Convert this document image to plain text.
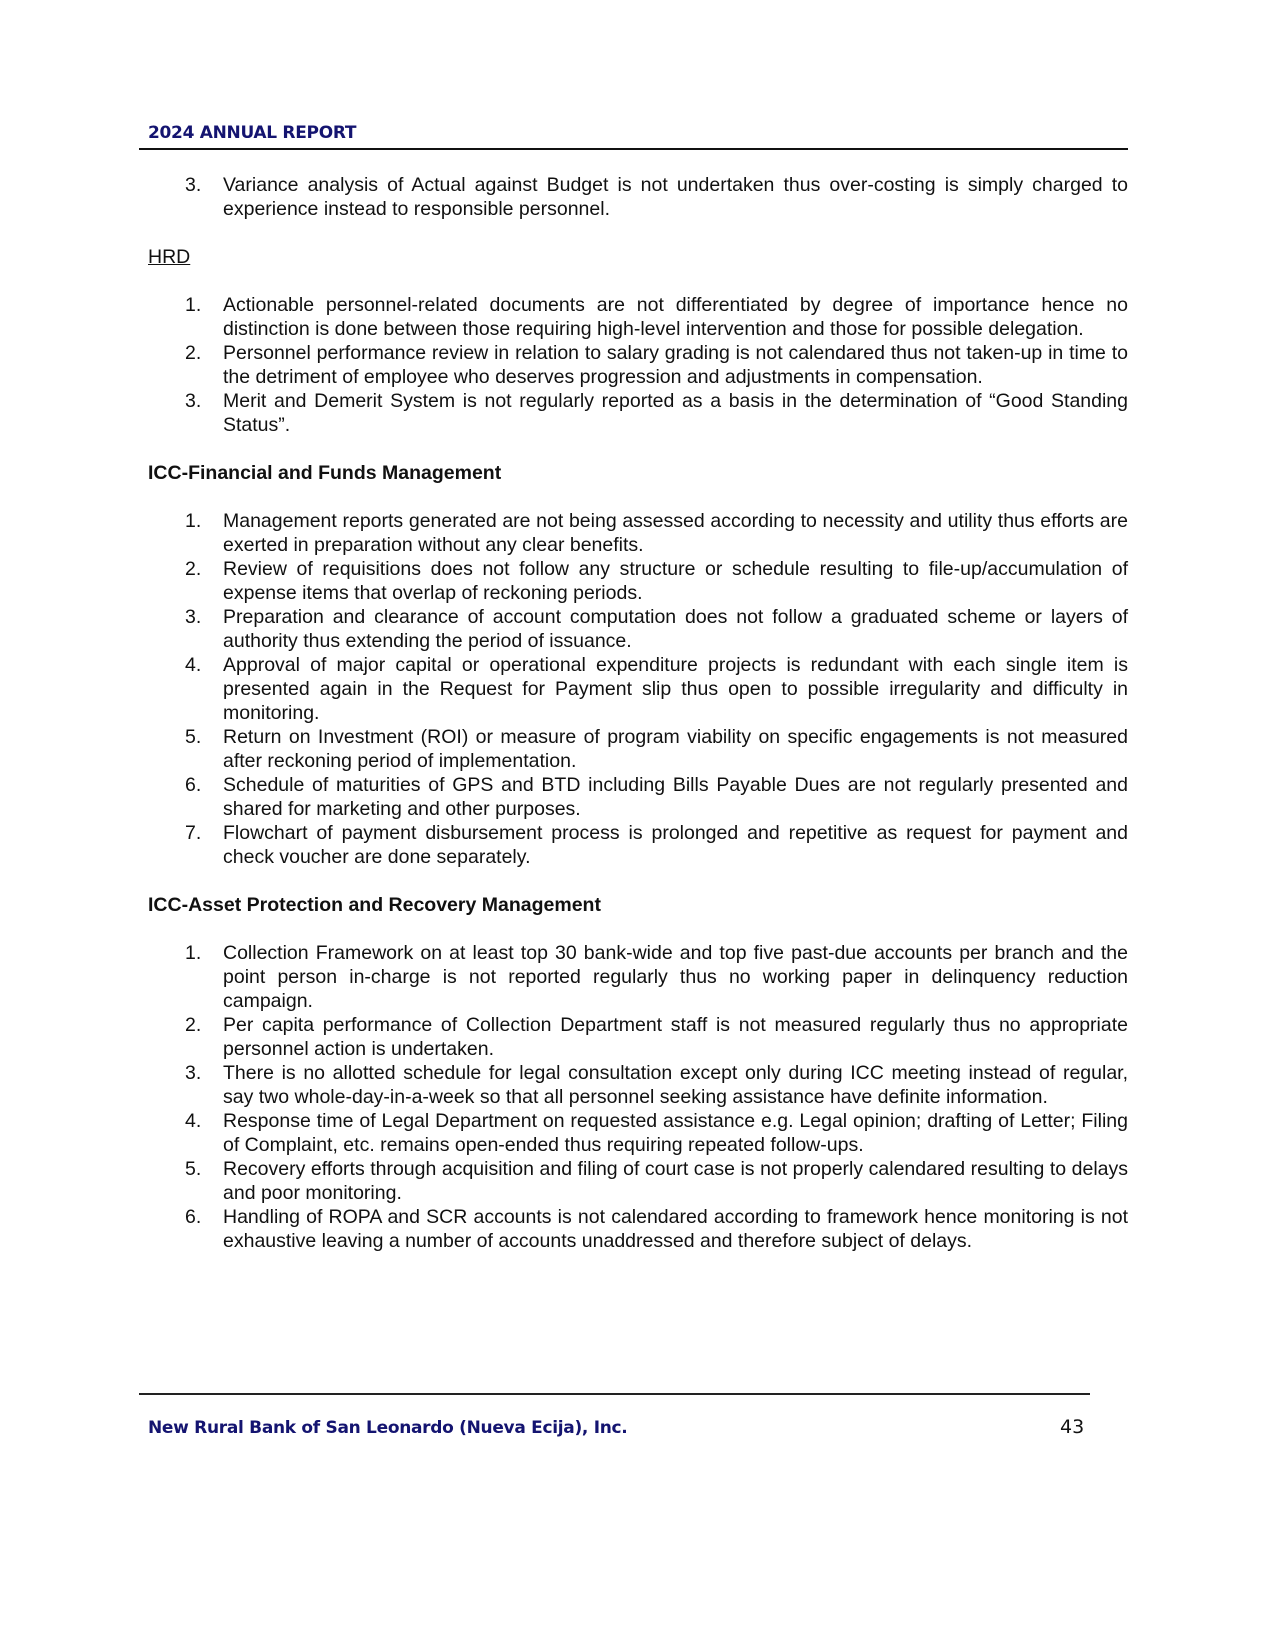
2024 ANNUAL REPORT
3. Variance analysis of Actual against Budget is not undertaken thus over-costing is simply charged to experience instead to responsible personnel.
HRD
1. Actionable personnel-related documents are not differentiated by degree of importance hence no distinction is done between those requiring high-level intervention and those for possible delegation.
2. Personnel performance review in relation to salary grading is not calendared thus not taken-up in time to the detriment of employee who deserves progression and adjustments in compensation.
3. Merit and Demerit System is not regularly reported as a basis in the determination of “Good Standing Status”.
ICC-Financial and Funds Management
1. Management reports generated are not being assessed according to necessity and utility thus efforts are exerted in preparation without any clear benefits.
2. Review of requisitions does not follow any structure or schedule resulting to file-up/accumulation of expense items that overlap of reckoning periods.
3. Preparation and clearance of account computation does not follow a graduated scheme or layers of authority thus extending the period of issuance.
4. Approval of major capital or operational expenditure projects is redundant with each single item is presented again in the Request for Payment slip thus open to possible irregularity and difficulty in monitoring.
5. Return on Investment (ROI) or measure of program viability on specific engagements is not measured after reckoning period of implementation.
6. Schedule of maturities of GPS and BTD including Bills Payable Dues are not regularly presented and shared for marketing and other purposes.
7. Flowchart of payment disbursement process is prolonged and repetitive as request for payment and check voucher are done separately.
ICC-Asset Protection and Recovery Management
1. Collection Framework on at least top 30 bank-wide and top five past-due accounts per branch and the point person in-charge is not reported regularly thus no working paper in delinquency reduction campaign.
2. Per capita performance of Collection Department staff is not measured regularly thus no appropriate personnel action is undertaken.
3. There is no allotted schedule for legal consultation except only during ICC meeting instead of regular, say two whole-day-in-a-week so that all personnel seeking assistance have definite information.
4. Response time of Legal Department on requested assistance e.g. Legal opinion; drafting of Letter; Filing of Complaint, etc. remains open-ended thus requiring repeated follow-ups.
5. Recovery efforts through acquisition and filing of court case is not properly calendared resulting to delays and poor monitoring.
6. Handling of ROPA and SCR accounts is not calendared according to framework hence monitoring is not exhaustive leaving a number of accounts unaddressed and therefore subject of delays.
New Rural Bank of San Leonardo (Nueva Ecija), Inc.	43
